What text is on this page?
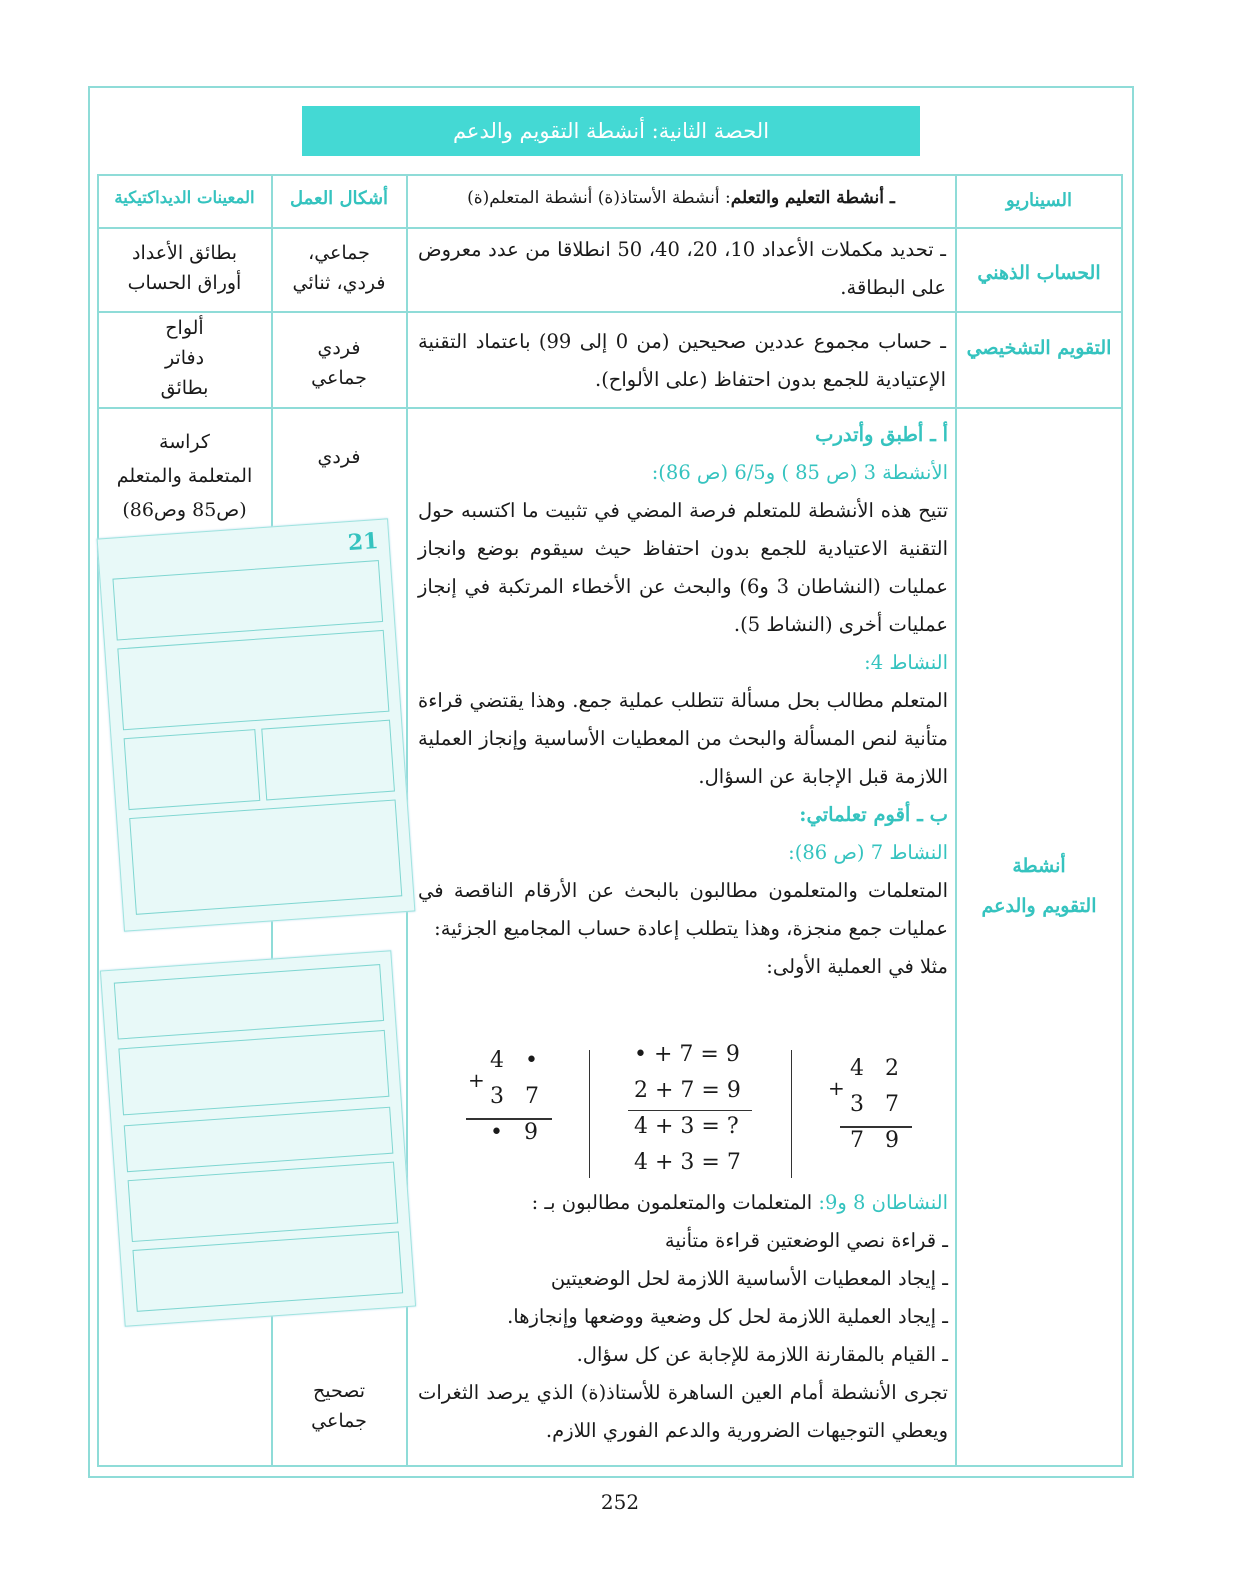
الحصة الثانية: أنشطة التقويم والدعم
السيناريو
ـ أنشطة التعليم والتعلم: أنشطة الأستاذ(ة) أنشطة المتعلم(ة)
أشكال العمل
المعينات الديداكتيكية
الحساب الذهني
ـ تحديد مكملات الأعداد 10، 20، 40، 50 انطلاقا من عدد معروض على البطاقة.
جماعي،
فردي، ثنائي
بطائق الأعداد
أوراق الحساب
التقويم التشخيصي
ـ حساب مجموع عددين صحيحين (من 0 إلى 99) باعتماد التقنية الإعتيادية للجمع بدون احتفاظ (على الألواح).
فردي
جماعي
ألواح
دفاتر
بطائق
أنشطة
التقويم والدعم
فردي
تصحيح
جماعي
كراسة
المتعلمة والمتعلم
(ص85 وص86)
21
أ ـ أطبق وأتدرب
الأنشطة 3 (ص 85 ) و6/5 (ص 86):
تتيح هذه الأنشطة للمتعلم فرصة المضي في تثبيت ما اكتسبه حول التقنية الاعتيادية للجمع بدون احتفاظ حيث سيقوم بوضع وانجاز عمليات (النشاطان 3 و6) والبحث عن الأخطاء المرتكبة في إنجاز عمليات أخرى (النشاط 5).
النشاط 4:
المتعلم مطالب بحل مسألة تتطلب عملية جمع. وهذا يقتضي قراءة متأنية لنص المسألة والبحث من المعطيات الأساسية وإنجاز العملية اللازمة قبل الإجابة عن السؤال.
ب ـ أقوم تعلماتي:
النشاط 7 (ص 86):
المتعلمات والمتعلمون مطالبون بالبحث عن الأرقام الناقصة في عمليات جمع منجزة، وهذا يتطلب إعادة حساب المجاميع الجزئية:
مثلا في العملية الأولى:
4   •
+
3   7
•   9
• + 7 = 9
2 + 7 = 9
4 + 3 = ?
4 + 3 = 7
4   2
+
3   7
7   9
النشاطان 8 و9: المتعلمات والمتعلمون مطالبون بـ :
ـ قراءة نصي الوضعتين قراءة متأنية
ـ إيجاد المعطيات الأساسية اللازمة لحل الوضعيتين
ـ إيجاد العملية اللازمة لحل كل وضعية ووضعها وإنجازها.
ـ القيام بالمقارنة اللازمة للإجابة عن كل سؤال.
تجرى الأنشطة أمام العين الساهرة للأستاذ(ة) الذي يرصد الثغرات ويعطي التوجيهات الضرورية والدعم الفوري اللازم.
252
